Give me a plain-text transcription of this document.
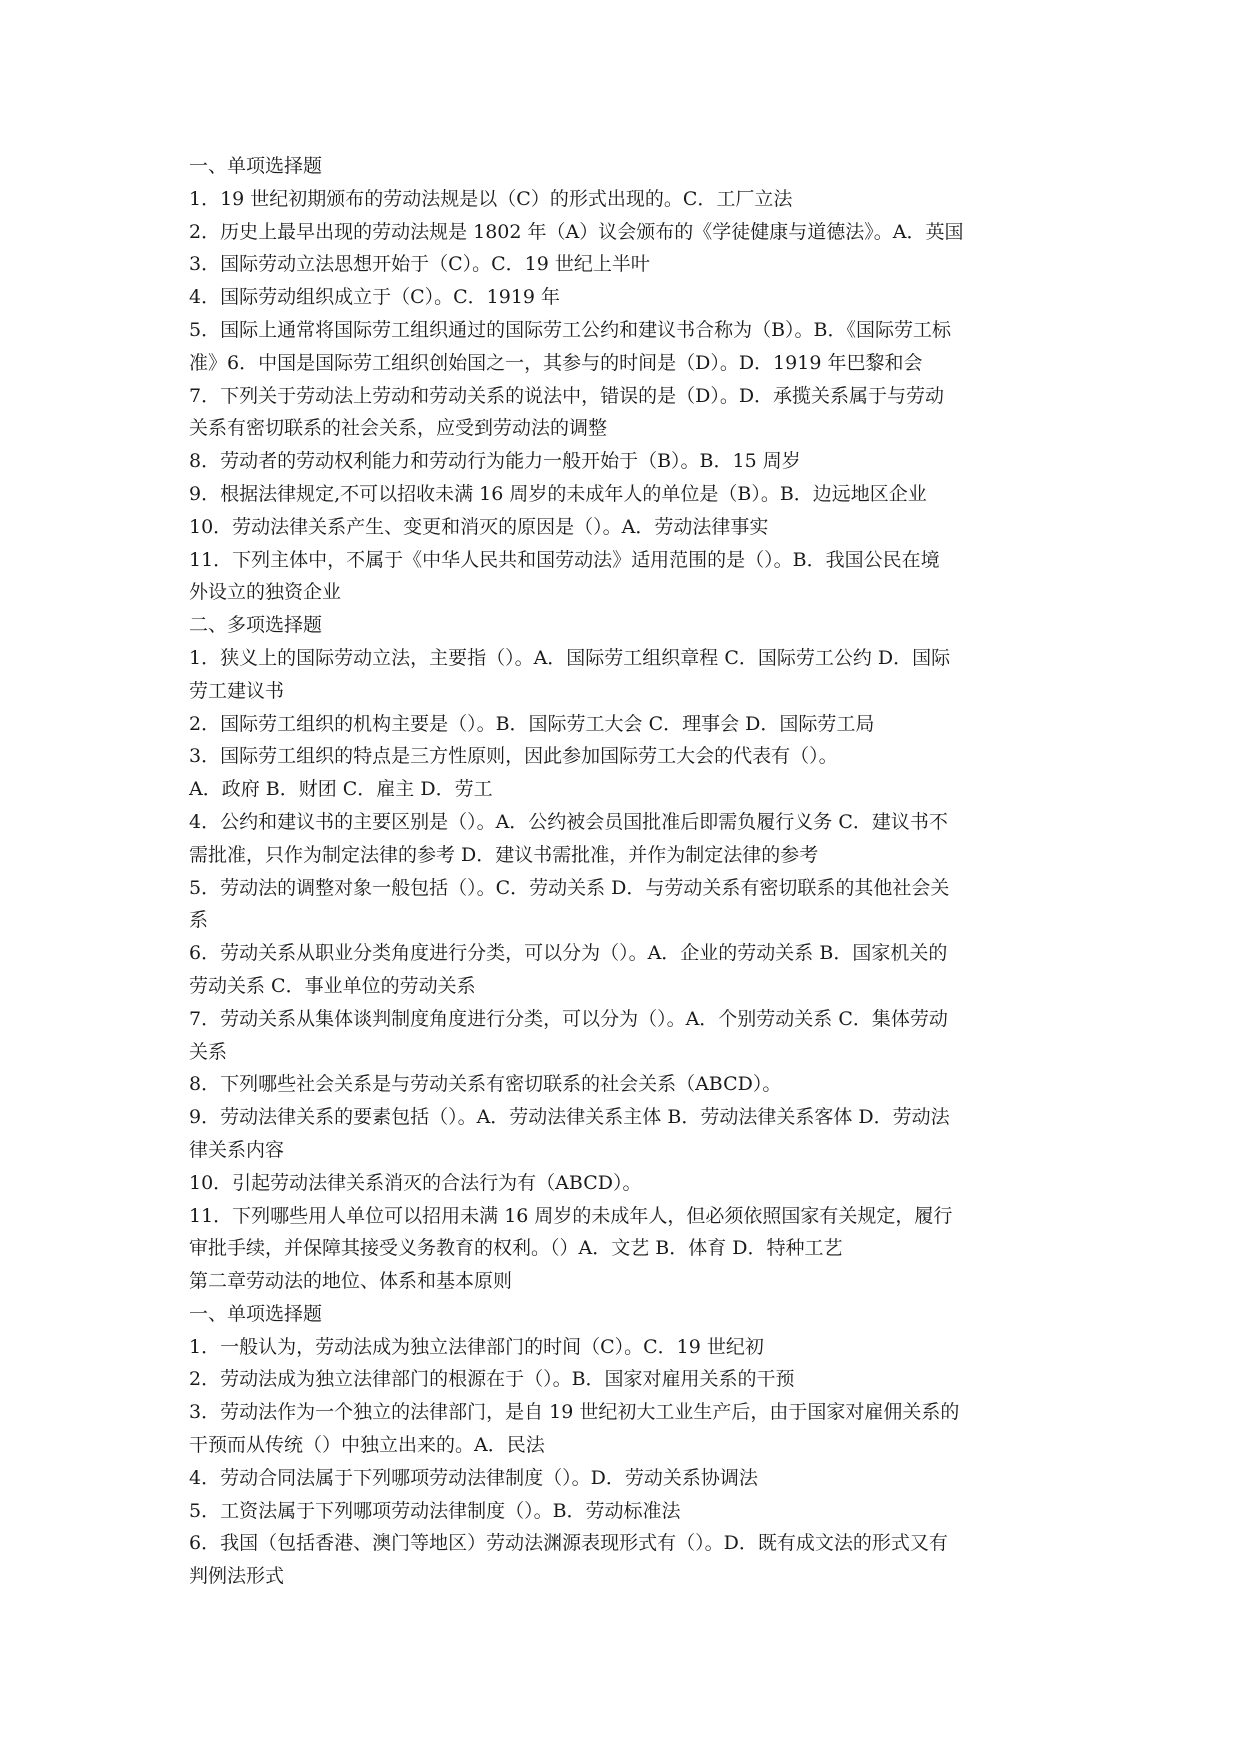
一、单项选择题

1．19 世纪初期颁布的劳动法规是以（C）的形式出现的。C．工厂立法

2．历史上最早出现的劳动法规是 1802 年（A）议会颁布的《学徒健康与道德法》。A．英国

3．国际劳动立法思想开始于（C）。C．19 世纪上半叶

4．国际劳动组织成立于（C）。C．1919 年

5．国际上通常将国际劳工组织通过的国际劳工公约和建议书合称为（B）。B．《国际劳工标

准》6．中国是国际劳工组织创始国之一，其参与的时间是（D）。D．1919 年巴黎和会

7．下列关于劳动法上劳动和劳动关系的说法中，错误的是（D）。D．承揽关系属于与劳动

关系有密切联系的社会关系，应受到劳动法的调整

8．劳动者的劳动权利能力和劳动行为能力一般开始于（B）。B．15 周岁

9．根据法律规定,不可以招收未满 16 周岁的未成年人的单位是（B）。B．边远地区企业

10．劳动法律关系产生、变更和消灭的原因是（）。A．劳动法律事实

11．下列主体中，不属于《中华人民共和国劳动法》适用范围的是（）。B．我国公民在境

外设立的独资企业

二、多项选择题

1．狭义上的国际劳动立法，主要指（）。A．国际劳工组织章程 C．国际劳工公约 D．国际

劳工建议书

2．国际劳工组织的机构主要是（）。B．国际劳工大会 C．理事会 D．国际劳工局

3．国际劳工组织的特点是三方性原则，因此参加国际劳工大会的代表有（）。

A．政府 B．财团 C．雇主 D．劳工

4．公约和建议书的主要区别是（）。A．公约被会员国批准后即需负履行义务 C．建议书不

需批准，只作为制定法律的参考 D．建议书需批准，并作为制定法律的参考

5．劳动法的调整对象一般包括（）。C．劳动关系 D．与劳动关系有密切联系的其他社会关

系

6．劳动关系从职业分类角度进行分类，可以分为（）。A．企业的劳动关系 B．国家机关的

劳动关系 C．事业单位的劳动关系

7．劳动关系从集体谈判制度角度进行分类，可以分为（）。A．个别劳动关系 C．集体劳动

关系

8．下列哪些社会关系是与劳动关系有密切联系的社会关系（ABCD）。

9．劳动法律关系的要素包括（）。A．劳动法律关系主体 B．劳动法律关系客体 D．劳动法

律关系内容

10．引起劳动法律关系消灭的合法行为有（ABCD）。

11．下列哪些用人单位可以招用未满 16 周岁的未成年人，但必须依照国家有关规定，履行

审批手续，并保障其接受义务教育的权利。（）A．文艺 B．体育 D．特种工艺

第二章劳动法的地位、体系和基本原则

一、单项选择题

1．一般认为，劳动法成为独立法律部门的时间（C）。C．19 世纪初

2．劳动法成为独立法律部门的根源在于（）。B．国家对雇用关系的干预

3．劳动法作为一个独立的法律部门，是自 19 世纪初大工业生产后，由于国家对雇佣关系的

干预而从传统（）中独立出来的。A．民法

4．劳动合同法属于下列哪项劳动法律制度（）。D．劳动关系协调法

5．工资法属于下列哪项劳动法律制度（）。B．劳动标准法

6．我国（包括香港、澳门等地区）劳动法渊源表现形式有（）。D．既有成文法的形式又有

判例法形式
